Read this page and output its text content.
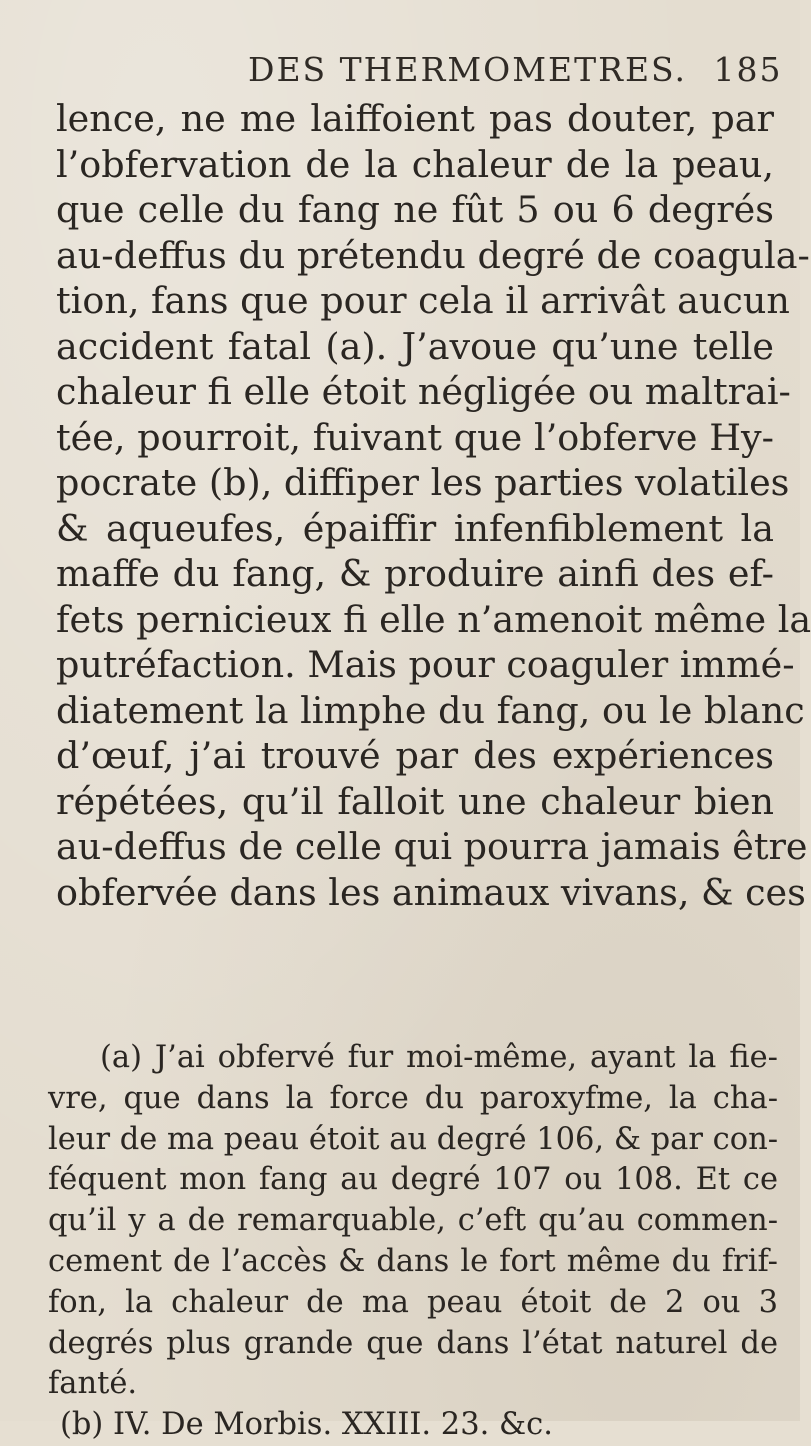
DES THERMOMETRES. 185
lence, ne me laiffoient pas douter, par
l’obfervation de la chaleur de la peau,
que celle du fang ne fût 5 ou 6 degrés
au-deffus du prétendu degré de coagula-
tion, fans que pour cela il arrivât aucun
accident fatal (a). J’avoue qu’une telle
chaleur fi elle étoit négligée ou maltrai-
tée, pourroit, fuivant que l’obferve Hy-
pocrate (b), diffiper les parties volatiles
& aqueufes, épaiffir infenfiblement la
maffe du fang, & produire ainfi des ef-
fets pernicieux fi elle n’amenoit même la
putréfaction. Mais pour coaguler immé-
diatement la limphe du fang, ou le blanc
d’œuf, j’ai trouvé par des expériences
répétées, qu’il falloit une chaleur bien
au-deffus de celle qui pourra jamais être
obfervée dans les animaux vivans, & ces
(a) J’ai obfervé fur moi-même, ayant la fie-
vre, que dans la force du paroxyfme, la cha-
leur de ma peau étoit au degré 106, & par con-
féquent mon fang au degré 107 ou 108. Et ce
qu’il y a de remarquable, c’eft qu’au commen-
cement de l’accès & dans le fort même du frif-
fon, la chaleur de ma peau étoit de 2 ou 3
degrés plus grande que dans l’état naturel de
fanté.
(b) IV. De Morbis. XXIII. 23. &c.
